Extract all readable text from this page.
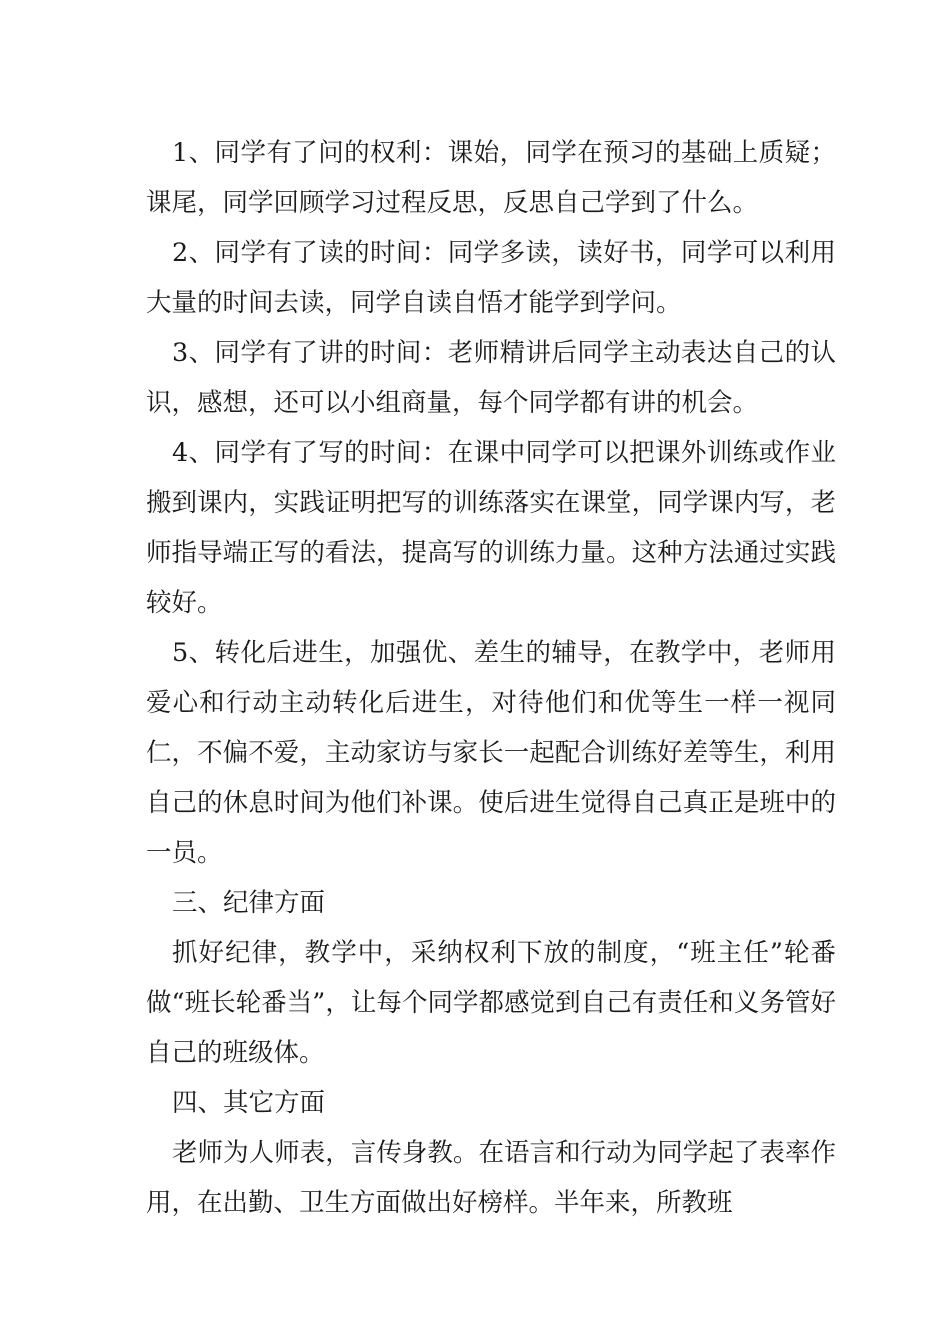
1、同学有了问的权利：课始，同学在预习的基础上质疑；课尾，同学回顾学习过程反思，反思自己学到了什么。

2、同学有了读的时间：同学多读，读好书，同学可以利用大量的时间去读，同学自读自悟才能学到学问。

3、同学有了讲的时间：老师精讲后同学主动表达自己的认识，感想，还可以小组商量，每个同学都有讲的机会。

4、同学有了写的时间：在课中同学可以把课外训练或作业搬到课内，实践证明把写的训练落实在课堂，同学课内写，老师指导端正写的看法，提高写的训练力量。这种方法通过实践较好。

5、转化后进生，加强优、差生的辅导，在教学中，老师用爱心和行动主动转化后进生，对待他们和优等生一样一视同仁，不偏不爱，主动家访与家长一起配合训练好差等生，利用自己的休息时间为他们补课。使后进生觉得自己真正是班中的一员。

三、纪律方面

抓好纪律，教学中，采纳权利下放的制度，“班主任”轮番做“班长轮番当”，让每个同学都感觉到自己有责任和义务管好自己的班级体。

四、其它方面

老师为人师表，言传身教。在语言和行动为同学起了表率作用，在出勤、卫生方面做出好榜样。半年来，所教班
